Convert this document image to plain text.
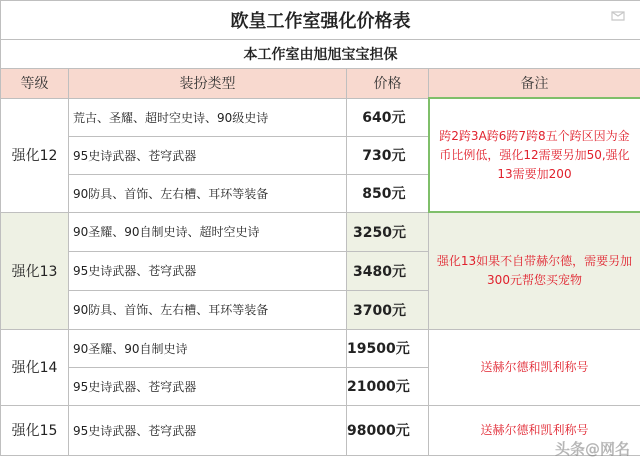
欧皇工作室强化价格表			
本工作室由旭旭宝宝担保			
等级	装扮类型	价格	备注
强化12	荒古、圣耀、超时空史诗、90级史诗	640元	跨2跨3A跨6跨7跨8五个跨区因为金币比例低，强化12需要另加50,强化13需要加200
	95史诗武器、苍穹武器	730元	
	90防具、首饰、左右槽、耳环等装备	850元	
强化13	90圣耀、90自制史诗、超时空史诗	3250元	强化13如果不自带赫尔德，需要另加300元帮您买宠物
	95史诗武器、苍穹武器	3480元	
	90防具、首饰、左右槽、耳环等装备	3700元	
强化14	90圣耀、90自制史诗	19500元	送赫尔德和凯利称号
	95史诗武器、苍穹武器	21000元	
强化15	95史诗武器、苍穹武器	98000元	送赫尔德和凯利称号
头条@网名
